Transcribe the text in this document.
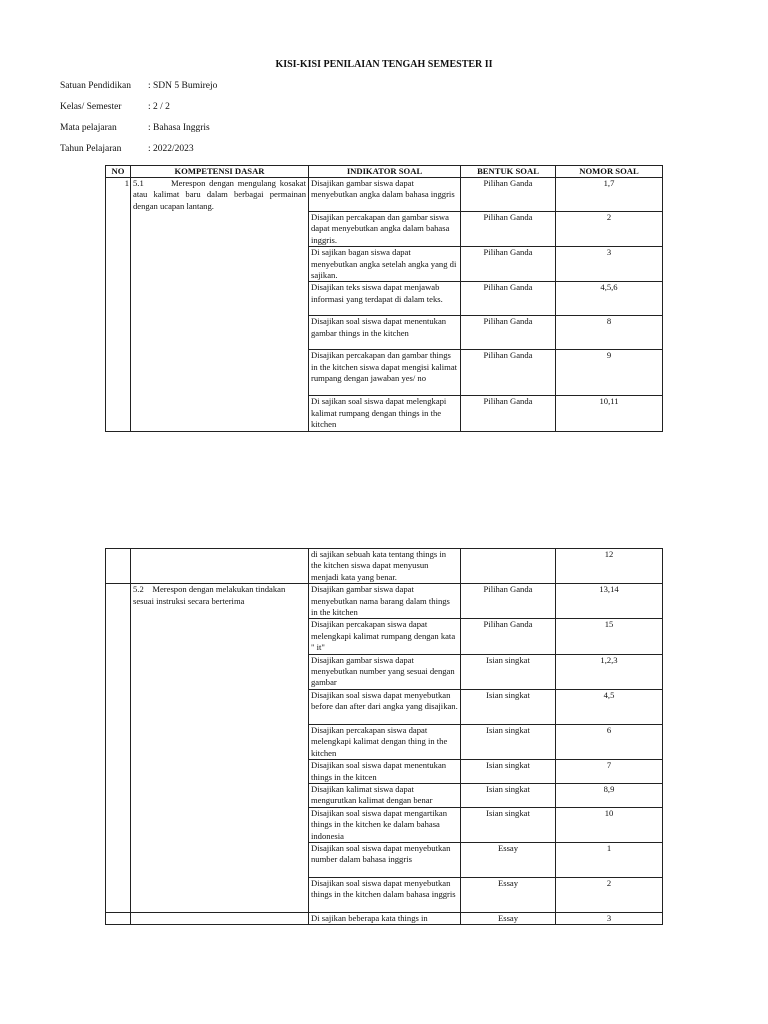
KISI-KISI PENILAIAN TENGAH SEMESTER II
Satuan Pendidikan : SDN 5 Bumirejo
Kelas/ Semester	: 2 / 2
Mata pelajaran	: Bahasa Inggris
Tahun Pelajaran	: 2022/2023
NO	KOMPETENSI DASAR	INDIKATOR SOAL	BENTUK SOAL	NOMOR SOAL
1	5.1 Merespon dengan mengulang kosakat atau kalimat baru dalam berbagai permainan dengan ucapan lantang.	Disajikan gambar siswa dapat menyebutkan angka dalam bahasa inggris	Pilihan Ganda	1,7
		Disajikan percakapan dan gambar siswa dapat menyebutkan angka dalam bahasa inggris.	Pilihan Ganda	2
		Di sajikan bagan siswa dapat menyebutkan angka setelah angka yang di sajikan.	Pilihan Ganda	3
		Disajikan teks siswa dapat menjawab informasi yang terdapat di dalam teks.	Pilihan Ganda	4,5,6
		Disajikan soal siswa dapat menentukan gambar things in the kitchen	Pilihan Ganda	8
		Disajikan percakapan dan gambar things in the kitchen siswa dapat mengisi kalimat rumpang dengan jawaban yes/ no	Pilihan Ganda	9
		Di sajikan soal siswa dapat melengkapi kalimat rumpang dengan things in the kitchen	Pilihan Ganda	10,11
		di sajikan sebuah kata tentang things in the kitchen siswa dapat menyusun menjadi kata yang benar.		12
	5.2    Merespon dengan melakukan tindakan sesuai instruksi secara berterima	Disajikan gambar siswa dapat menyebutkan nama barang dalam things in the kitchen	Pilihan Ganda	13,14
		Disajikan percakapan siswa dapat melengkapi kalimat rumpang dengan kata " it"	Pilihan Ganda	15
		Disajikan gambar siswa dapat menyebutkan number yang sesuai dengan gambar	Isian singkat	1,2,3
		Disajikan soal siswa dapat menyebutkan before dan after dari angka yang disajikan.	Isian singkat	4,5
		Disajikan percakapan siswa dapat melengkapi kalimat dengan thing in the kitchen	Isian singkat	6
		Disajikan soal siswa dapat menentukan things in the kitcen	Isian singkat	7
		Disajikan kalimat siswa dapat mengurutkan kalimat dengan benar	Isian singkat	8,9
		Disajikan soal siswa dapat mengartikan things in the kitchen ke dalam bahasa indonesia	Isian singkat	10
		Disajikan soal siswa dapat menyebutkan number dalam bahasa inggris	Essay	1
		Disajikan soal siswa dapat menyebutkan things in the kitchen dalam bahasa inggris	Essay	2
		Di sajikan beberapa kata things in	Essay	3
